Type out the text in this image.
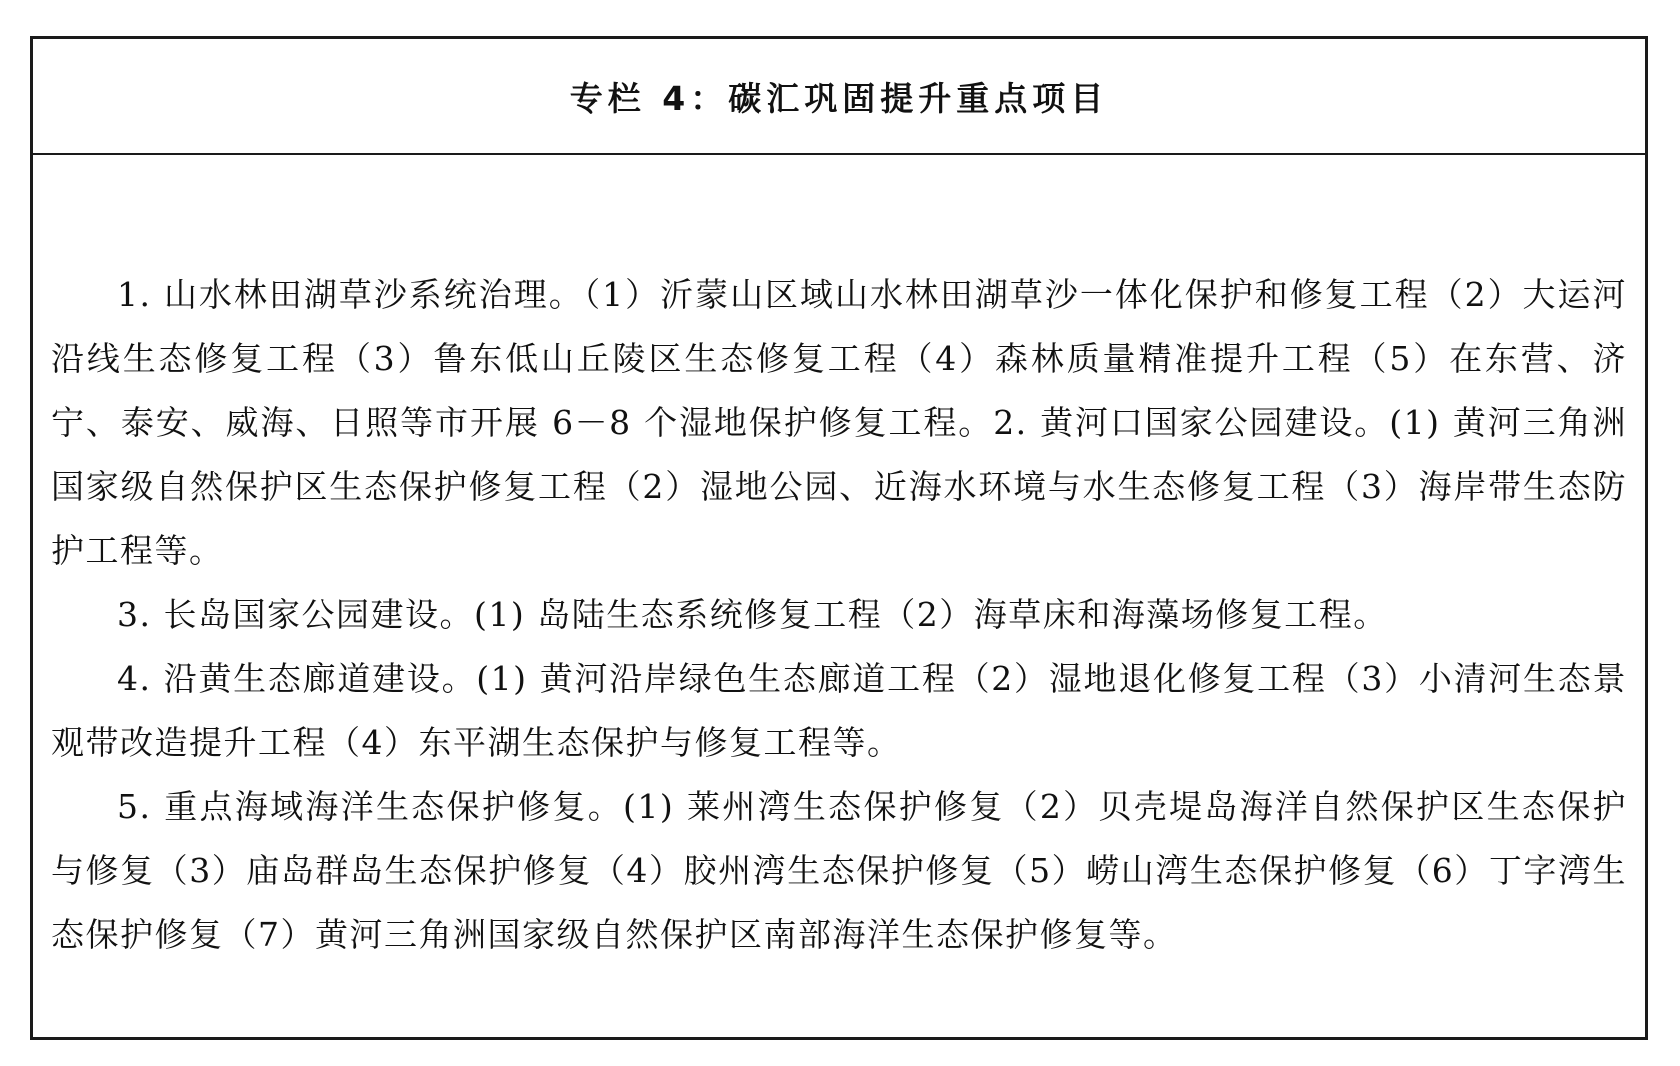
专栏 4：碳汇巩固提升重点项目

1. 山水林田湖草沙系统治理。（1）沂蒙山区域山水林田湖草沙一体化保护和修复工程（2）大运河沿线生态修复工程（3）鲁东低山丘陵区生态修复工程（4）森林质量精准提升工程（5）在东营、济宁、泰安、威海、日照等市开展 6－8 个湿地保护修复工程。2. 黄河口国家公园建设。(1) 黄河三角洲国家级自然保护区生态保护修复工程（2）湿地公园、近海水环境与水生态修复工程（3）海岸带生态防护工程等。

3. 长岛国家公园建设。(1) 岛陆生态系统修复工程（2）海草床和海藻场修复工程。

4. 沿黄生态廊道建设。(1) 黄河沿岸绿色生态廊道工程（2）湿地退化修复工程（3）小清河生态景观带改造提升工程（4）东平湖生态保护与修复工程等。

5. 重点海域海洋生态保护修复。(1) 莱州湾生态保护修复（2）贝壳堤岛海洋自然保护区生态保护与修复（3）庙岛群岛生态保护修复（4）胶州湾生态保护修复（5）崂山湾生态保护修复（6）丁字湾生态保护修复（7）黄河三角洲国家级自然保护区南部海洋生态保护修复等。
